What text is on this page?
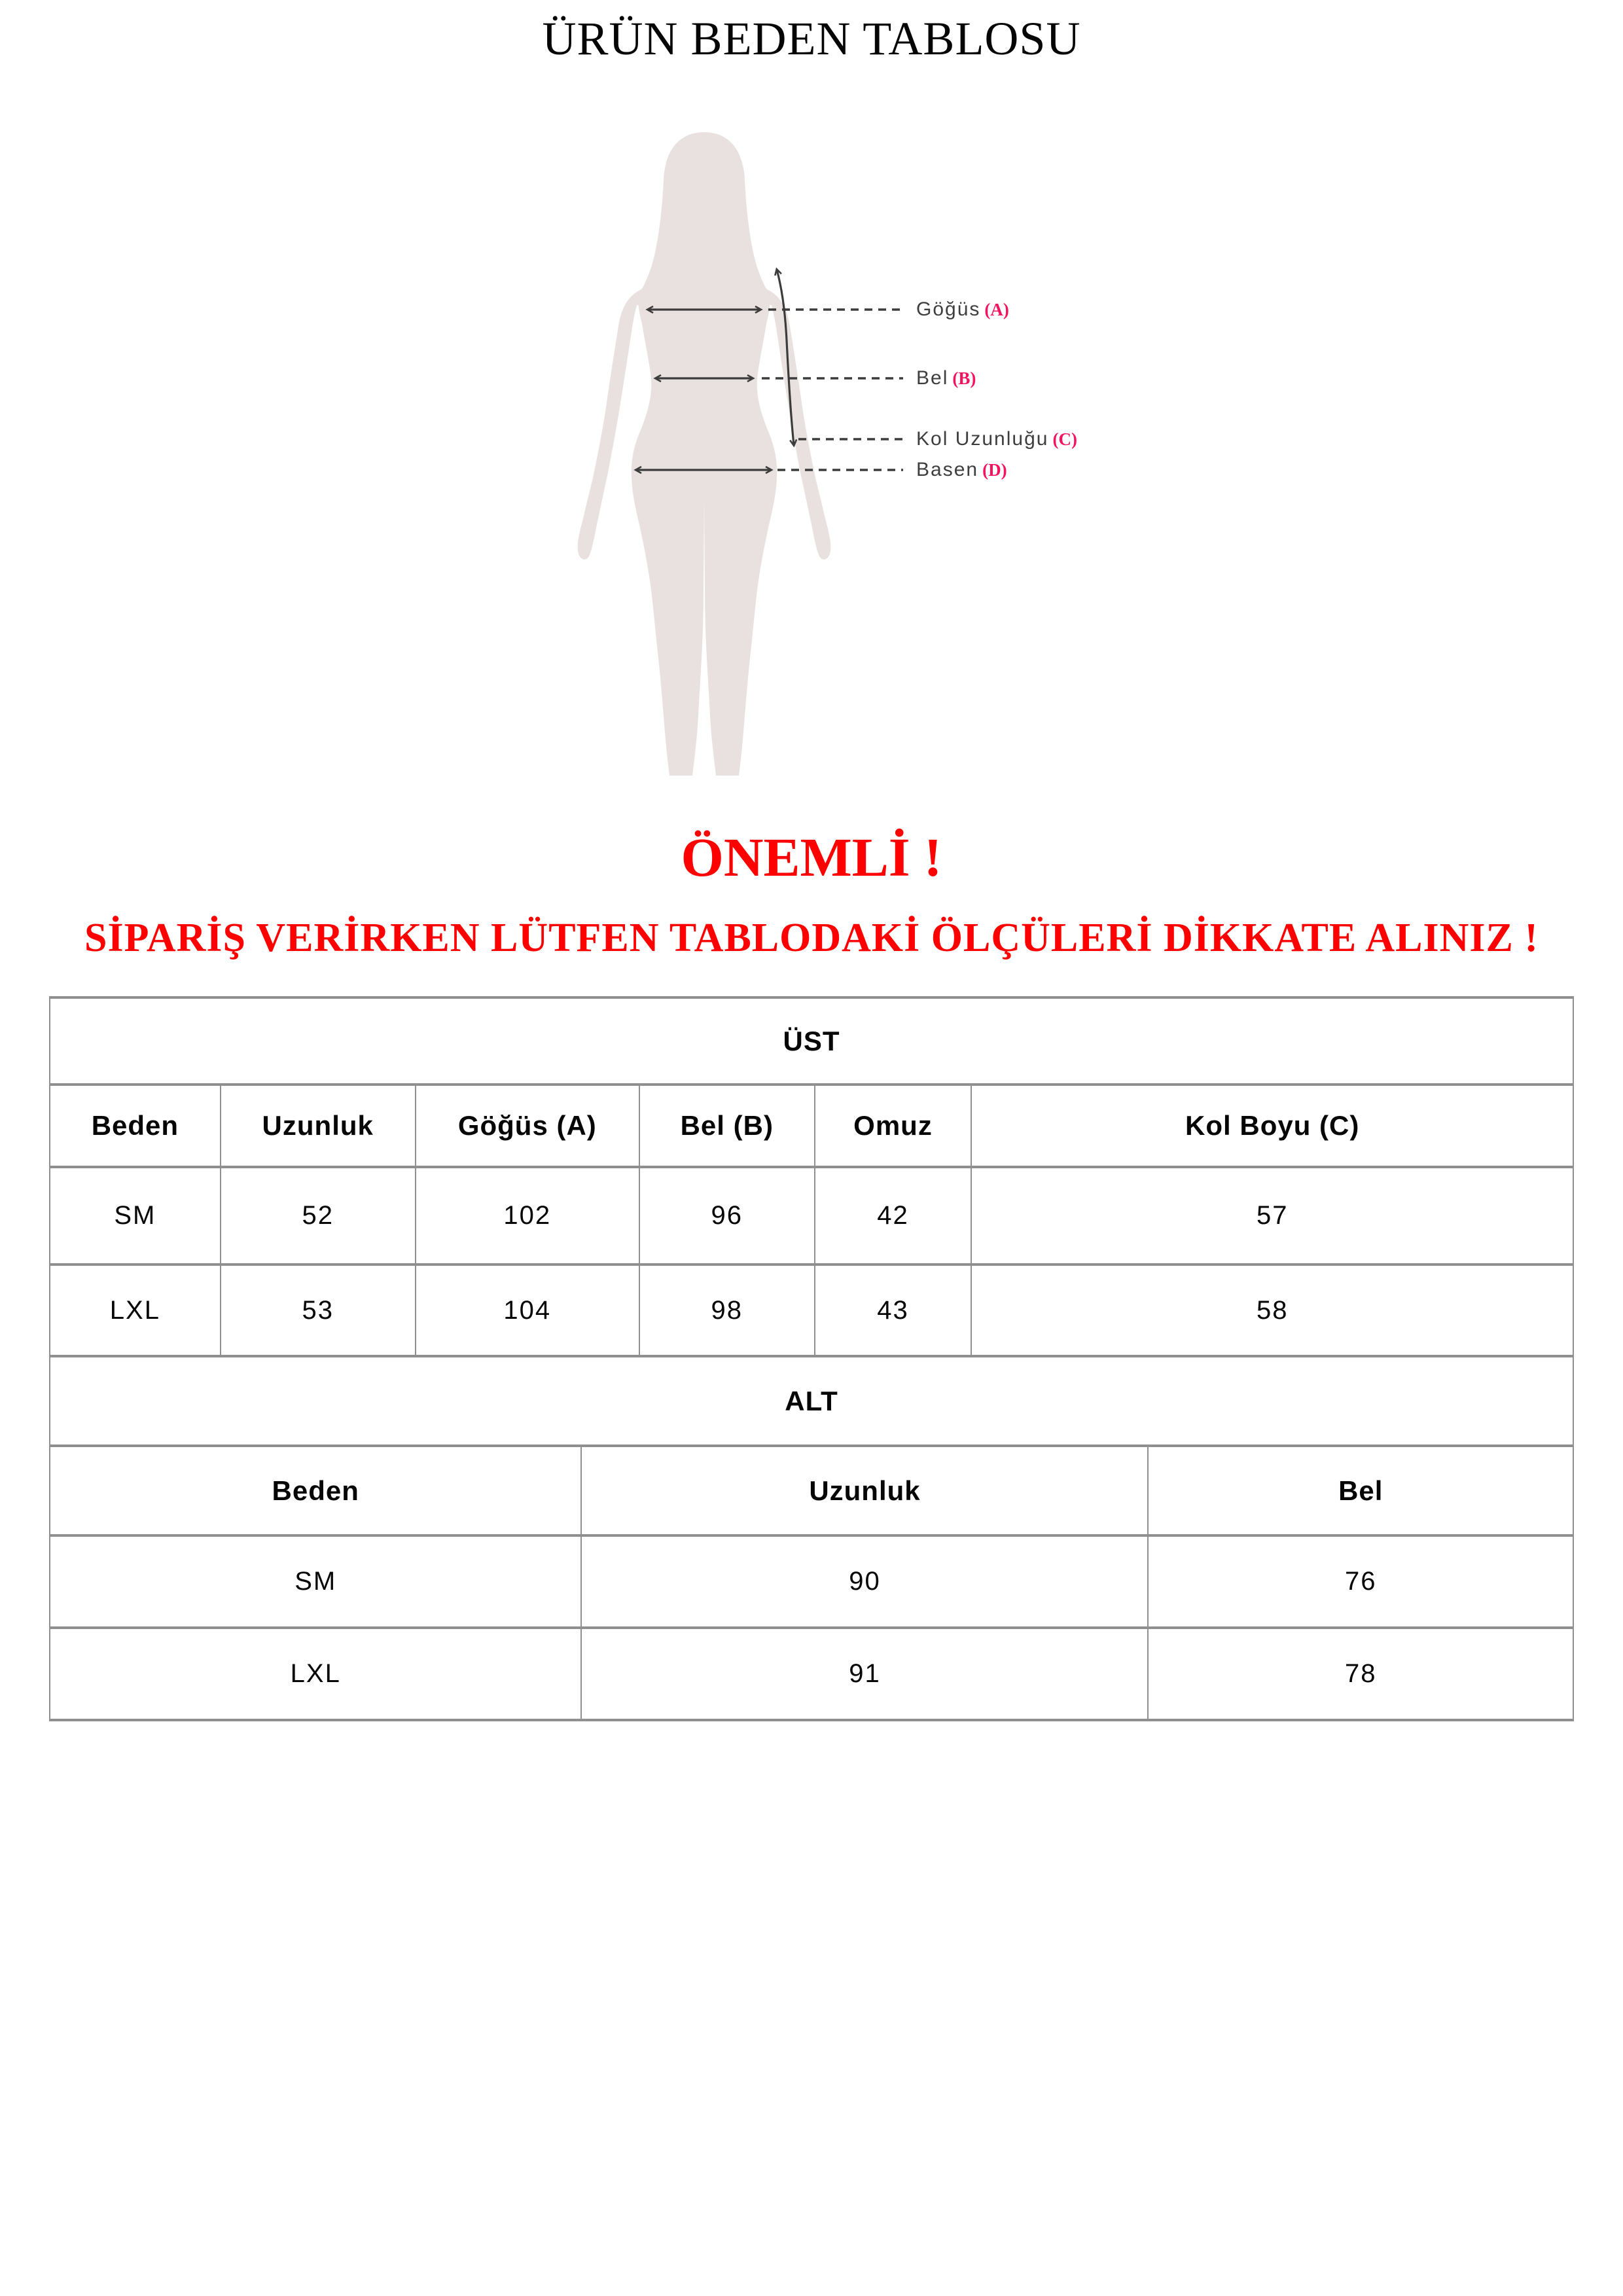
ÜRÜN BEDEN TABLOSU
Göğüs (A)
Bel (B)
Kol Uzunluğu (C)
Basen (D)
ÖNEMLİ !
SİPARİŞ VERİRKEN LÜTFEN TABLODAKİ ÖLÇÜLERİ DİKKATE ALINIZ !
ÜST					
Beden	Uzunluk	Göğüs (A)	Bel (B)	Omuz	Kol Boyu (C)
SM	52	102	96	42	57
LXL	53	104	98	43	58
ALT		
Beden	Uzunluk	Bel
SM	90	76
LXL	91	78
